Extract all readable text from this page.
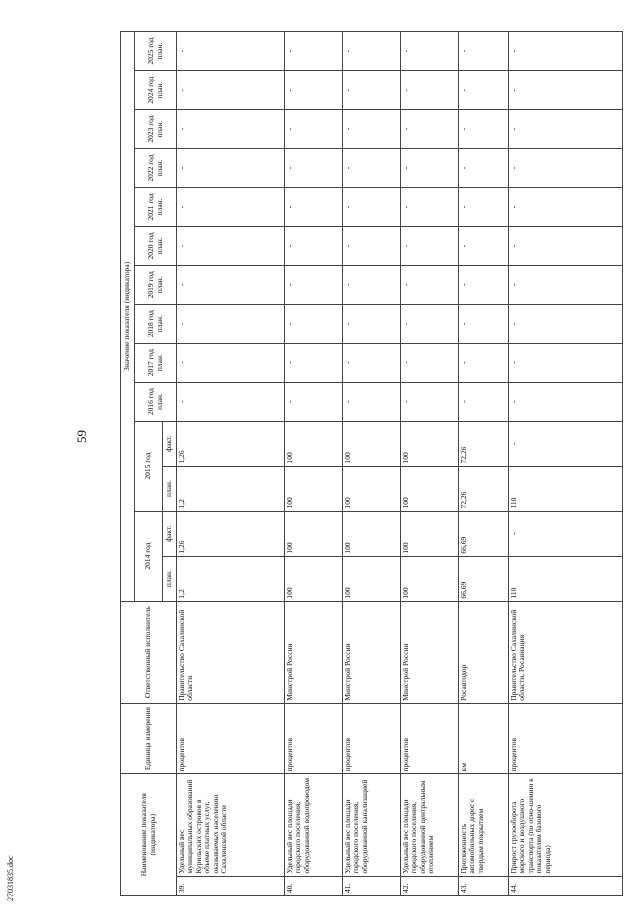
59
27031835.doc
Наименование показателя (индикатора)		Единица измерения	Ответственный исполнитель	Значение показателя (индикатора)													
				2014 год		2015 год		2016 год план.	2017 год план.	2018 год план.	2019 год план.	2020 год план.	2021 год план.	2022 год план.	2023 год план.	2024 год план.	2025 год план.
				план.	факт.	план.	факт.										
39.	Удельный вес муниципальных образований Курильских островов в объеме платных услуг, оказываемых населению Сахалинской области	процентов	Правительство Сахалинской области	1,2	1,26	1,2	1,26	-	-	-	-	-	-	-	-	-	-
40.	Удельный вес площади городского поселения, оборудованной водопроводом	процентов	Минстрой России	100	100	100	100	-	-	-	-	-	-	-	-	-	-
41.	Удельный вес площади городского поселения, оборудованной канализацией	процентов	Минстрой России	100	100	100	100	-	-	-	-	-	-	-	-	-	-
42.	Удельный вес площади городского поселения, оборудованной центральным отоплением	процентов	Минстрой России	100	100	100	100	-	-	-	-	-	-	-	-	-	-
43.	Протяженность автомобильных дорог с твердым покрытием	км	Росавтодор	66,69	66,69	72,26	72,26	-	-	-	-	-	-	-	-	-	-
44.	Прирост грузооборота морского и воздушного транспорта (по отно-шению к показателям базового периода)	процентов	Правительство Сахалинской области, Росавиация	110	-	110	-	-	-	-	-	-	-	-	-	-	-
